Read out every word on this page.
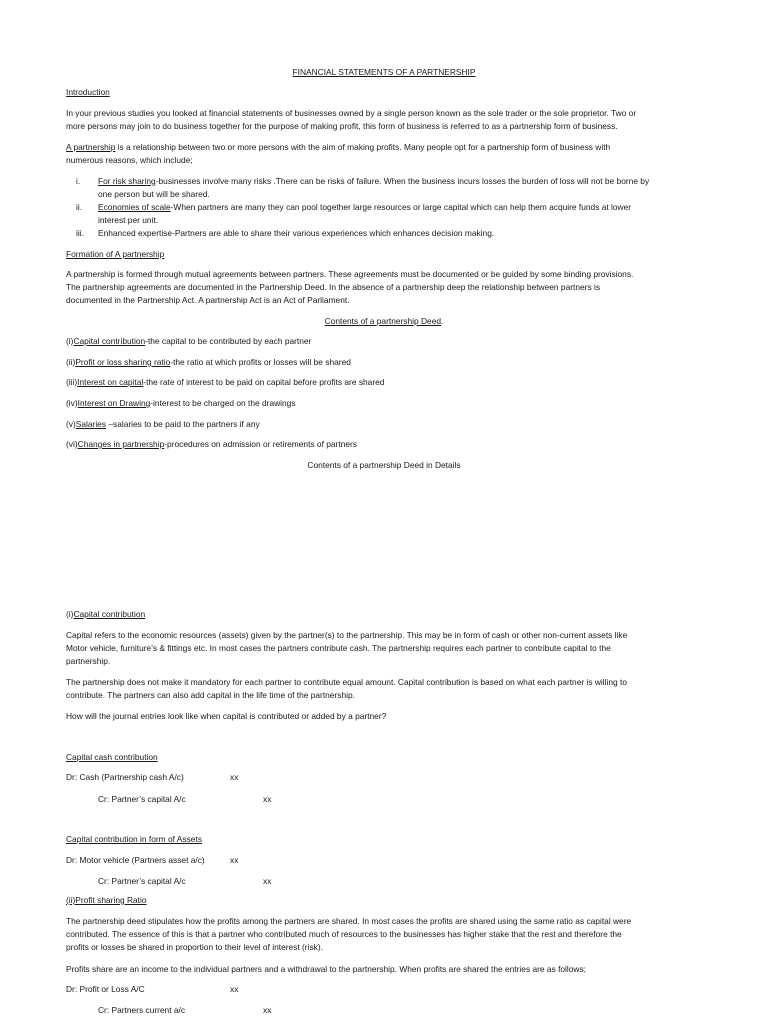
FINANCIAL STATEMENTS OF A PARTNERSHIP
Introduction
In your previous studies you looked at financial statements of businesses owned by a single person known as the sole trader or the sole proprietor. Two or
more persons may join to do business together for the purpose of making profit, this form of business is referred to as a partnership form of business.
A partnership is a relationship between two or more persons with the aim of making profits. Many people opt for a partnership form of business with
numerous reasons, which include;
i. For risk sharing-businesses involve many risks .There can be risks of failure. When the business incurs losses the burden of loss will not be borne by
one person but will be shared.
ii. Economies of scale-When partners are many they can pool together large resources or large capital which can help them acquire funds at lower
interest per unit.
iii. Enhanced expertise-Partners are able to share their various experiences which enhances decision making.
Formation of A partnership
A partnership is formed through mutual agreements between partners. These agreements must be documented or be guided by some binding provisions.
The partnership agreements are documented in the Partnership Deed. In the absence of a partnership deep the relationship between partners is
documented in the Partnership Act. A partnership Act is an Act of Parliament.
Contents of a partnership Deed.
(i)Capital contribution-the capital to be contributed by each partner
(ii)Profit or loss sharing ratio-the ratio at which profits or losses will be shared
(iii)Interest on capital-the rate of interest to be paid on capital before profits are shared
(iv)Interest on Drawing-interest to be charged on the drawings
(v)Salaries –salaries to be paid to the partners if any
(vi)Changes in partnership-procedures on admission or retirements of partners
Contents of a partnership Deed in Details
(i)Capital contribution
Capital refers to the economic resources (assets) given by the partner(s) to the partnership. This may be in form of cash or other non-current assets like
Motor vehicle, furniture’s & fittings etc. In most cases the partners contribute cash. The partnership requires each partner to contribute capital to the
partnership.
The partnership does not make it mandatory for each partner to contribute equal amount. Capital contribution is based on what each partner is willing to
contribute. The partners can also add capital in the life time of the partnership.
How will the journal entries look like when capital is contributed or added by a partner?
Capital cash contribution
Dr: Cash (Partnership cash A/c)	xx
Cr: Partner’s capital A/c	xx
Capital contribution in form of Assets
Dr: Motor vehicle (Partners asset a/c)	xx
Cr: Partner’s capital A/c	xx
(ii)Profit sharing Ratio
The partnership deed stipulates how the profits among the partners are shared. In most cases the profits are shared using the same ratio as capital were
contributed. The essence of this is that a partner who contributed much of resources to the businesses has higher stake that the rest and therefore the
profits or losses be shared in proportion to their level of interest (risk).
Profits share are an income to the individual partners and a withdrawal to the partnership. When profits are shared the entries are as follows;
Dr: Profit or Loss A/C	xx
Cr: Partners current a/c	xx
